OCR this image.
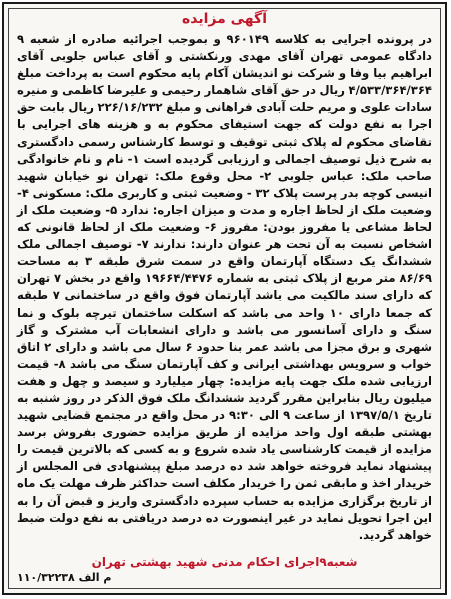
آگهی مزایده
در پرونده اجرایی به کلاسه ۹۶۰۱۴۹ و بموجب اجرائیه صادره از شعبه ۹ دادگاه عمومی تهران آقای مهدی ورنکشتی و آقای عباس جلوبی آقای ابراهیم بیا وفا و شرکت نو اندیشان آکام پایه محکوم است به پرداخت مبلغ ۴/۵۳۳/۳۶۴/۳۶۴ ریال در حق آقای شاهمار رحیمی و علیرضا کاظمی و منیره سادات علوی و مریم حلت آبادی فراهانی و مبلغ ۲۲۶/۱۶/۲۳۲ ریال بابت حق اجرا به نفع دولت که جهت استیفای محکوم به و هزینه های اجرایی با تقاضای محکوم له پلاک ثبتی توقیف و توسط کارشناس رسمی دادگستری به شرح ذیل توصیف اجمالی و ارزیابی گردیده است ۱- نام و نام خانوادگی صاحب ملک: عباس جلوبی ۲- محل وقوع ملک: تهران نو خیابان شهید انیسی کوچه بدر پرست پلاک ۳۲ - وضعیت ثبتی و کاربری ملک: مسکونی ۴- وضعیت ملک از لحاظ اجاره و مدت و میزان اجاره: ندارد ۵- وضعیت ملک از لحاظ مشاعی یا مفروز بودن: مفروز ۶- وضعیت ملک از لحاظ قانونی که اشخاص نسبت به آن تحت هر عنوان دارند: ندارند ۷- توصیف اجمالی ملک ششدانگ یک دستگاه آپارتمان واقع در سمت شرق طبقه ۳ به مساحت ۸۶/۶۹ متر مربع از پلاک ثبتی به شماره ۱۹۶۶۴/۴۴۷۶ واقع در بخش ۷ تهران که دارای سند مالکیت می باشد آپارتمان فوق واقع در ساختمانی ۷ طبقه که جمعا دارای ۱۰ واحد می باشد که اسکلت ساختمان تیرچه بلوک و نما سنگ و دارای آسانسور می باشد و دارای انشعابات آب مشترک و گاز شهری و برق مجزا می باشد عمر بنا حدود ۶ سال می باشد و دارای ۲ اتاق خواب و سرویس بهداشتی ایرانی و کف آپارتمان سنگ می باشد ۸- قیمت ارزیابی شده ملک جهت پایه مزایده: چهار میلیارد و سیصد و چهل و هفت میلیون ریال بنابراین مقرر گردید ششدانگ ملک فوق الذکر در روز شنبه به تاریخ ۱۳۹۷/۵/۱ از ساعت ۹ الی ۹:۳۰ در محل واقع در مجتمع قضایی شهید بهشتی طبقه اول واحد مزایده از طریق مزایده حضوری بفروش برسد مزایده از قیمت کارشناسی یاد شده شروع و به کسی که بالاترین قیمت را پیشنهاد نماید فروخته خواهد شد ده درصد مبلغ پیشنهادی فی المجلس از خریدار اخذ و مابقی ثمن را خریدار مکلف است حداکثر ظرف مهلت یک ماه از تاریخ برگزاری مزایده به حساب سپرده دادگستری واریز و قبض آن را به این اجرا تحویل نماید در غیر اینصورت ده درصد دریافتی به نفع دولت ضبط خواهد گردید.
شعبه۹اجرای احکام مدنی شهید بهشتی تهران
م الف ۱۱۰/۳۲۲۳۸
